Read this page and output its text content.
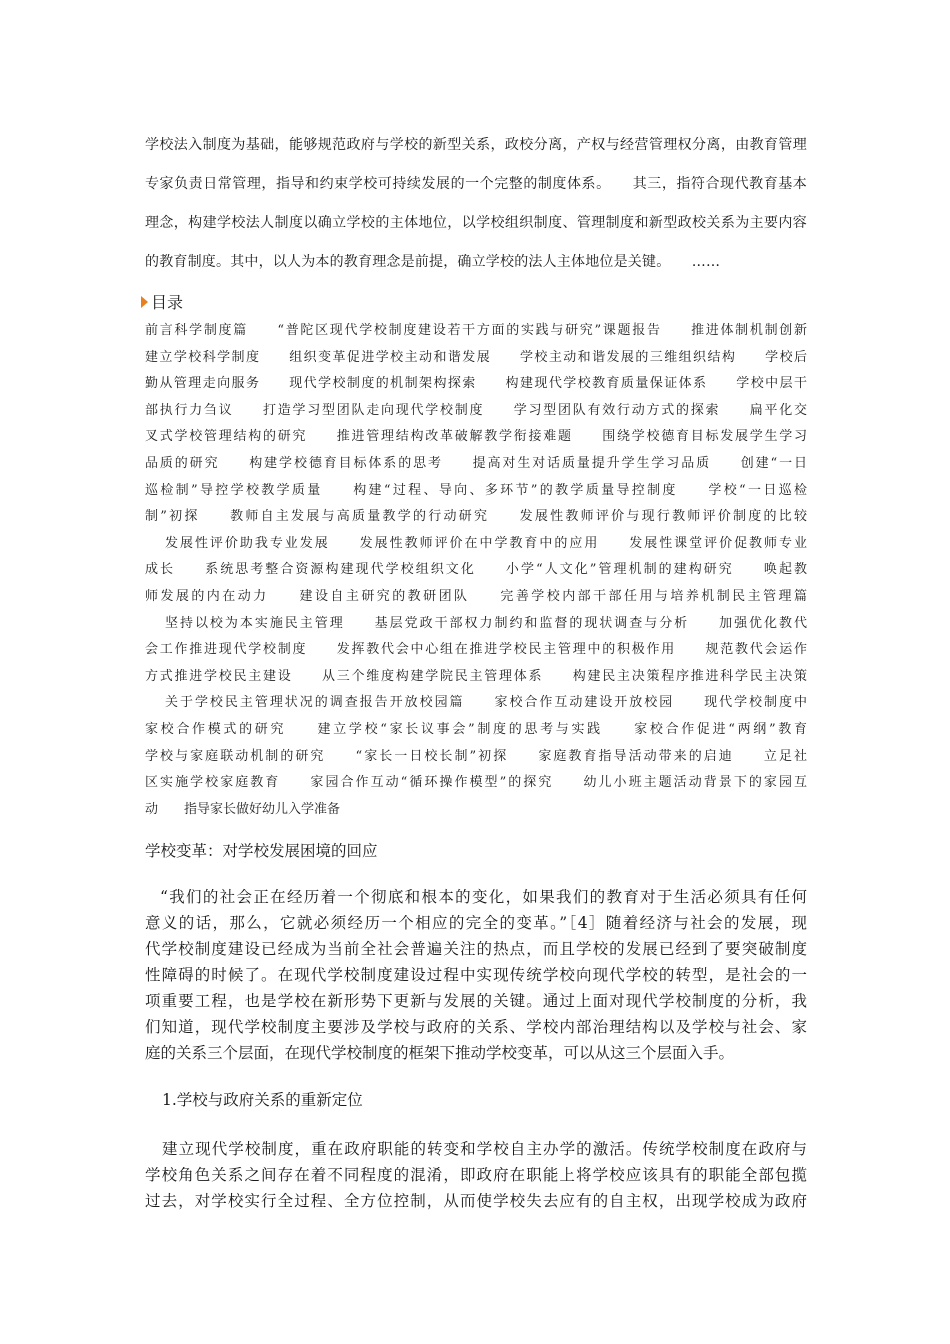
学校法入制度为基础，能够规范政府与学校的新型关系，政校分离，产权与经营管理权分离，由教育管理
专家负责日常管理，指导和约束学校可持续发展的一个完整的制度体系。　　其三，指符合现代教育基本
理念，构建学校法人制度以确立学校的主体地位，以学校组织制度、管理制度和新型政校关系为主要内容
的教育制度。其中，以人为本的教育理念是前提，确立学校的法人主体地位是关键。　　……
目录
前言科学制度篇　　“普陀区现代学校制度建设若干方面的实践与研究”课题报告　　推进体制机制创新
建立学校科学制度　　组织变革促进学校主动和谐发展　　学校主动和谐发展的三维组织结构　　学校后
勤从管理走向服务　　现代学校制度的机制架构探索　　构建现代学校教育质量保证体系　　学校中层干
部执行力刍议　　打造学习型团队走向现代学校制度　　学习型团队有效行动方式的探索　　扁平化交
叉式学校管理结构的研究　　推进管理结构改革破解教学衔接难题　　围绕学校德育目标发展学生学习
品质的研究　　构建学校德育目标体系的思考　　提高对生对话质量提升学生学习品质　　创建“一日
巡检制”导控学校教学质量　　构建“过程、导向、多环节”的教学质量导控制度　　学校“一日巡检
制”初探　　教师自主发展与高质量教学的行动研究　　发展性教师评价与现行教师评价制度的比较
发展性评价助我专业发展　　发展性教师评价在中学教育中的应用　　发展性课堂评价促教师专业
成长　　系统思考整合资源构建现代学校组织文化　　小学“人文化”管理机制的建构研究　　唤起教
师发展的内在动力　　建设自主研究的教研团队　　完善学校内部干部任用与培养机制民主管理篇
坚持以校为本实施民主管理　　基层党政干部权力制约和监督的现状调查与分析　　加强优化教代
会工作推进现代学校制度　　发挥教代会中心组在推进学校民主管理中的积极作用　　规范教代会运作
方式推进学校民主建设　　从三个维度构建学院民主管理体系　　构建民主决策程序推进科学民主决策
关于学校民主管理状况的调查报告开放校园篇　　家校合作互动建设开放校园　　现代学校制度中
家校合作模式的研究　　建立学校“家长议事会”制度的思考与实践　　家校合作促进“两纲”教育
学校与家庭联动机制的研究　　“家长一日校长制”初探　　家庭教育指导活动带来的启迪　　立足社
区实施学校家庭教育　　家园合作互动“循环操作模型”的探究　　幼儿小班主题活动背景下的家园互
动　　指导家长做好幼儿入学准备
学校变革：对学校发展困境的回应
“我们的社会正在经历着一个彻底和根本的变化，如果我们的教育对于生活必须具有任何
意义的话，那么，它就必须经历一个相应的完全的变革。”［4］随着经济与社会的发展，现
代学校制度建设已经成为当前全社会普遍关注的热点，而且学校的发展已经到了要突破制度
性障碍的时候了。在现代学校制度建设过程中实现传统学校向现代学校的转型，是社会的一
项重要工程，也是学校在新形势下更新与发展的关键。通过上面对现代学校制度的分析，我
们知道，现代学校制度主要涉及学校与政府的关系、学校内部治理结构以及学校与社会、家
庭的关系三个层面，在现代学校制度的框架下推动学校变革，可以从这三个层面入手。
1.学校与政府关系的重新定位
建立现代学校制度，重在政府职能的转变和学校自主办学的激活。传统学校制度在政府与
学校角色关系之间存在着不同程度的混淆，即政府在职能上将学校应该具有的职能全部包揽
过去，对学校实行全过程、全方位控制，从而使学校失去应有的自主权，出现学校成为政府
